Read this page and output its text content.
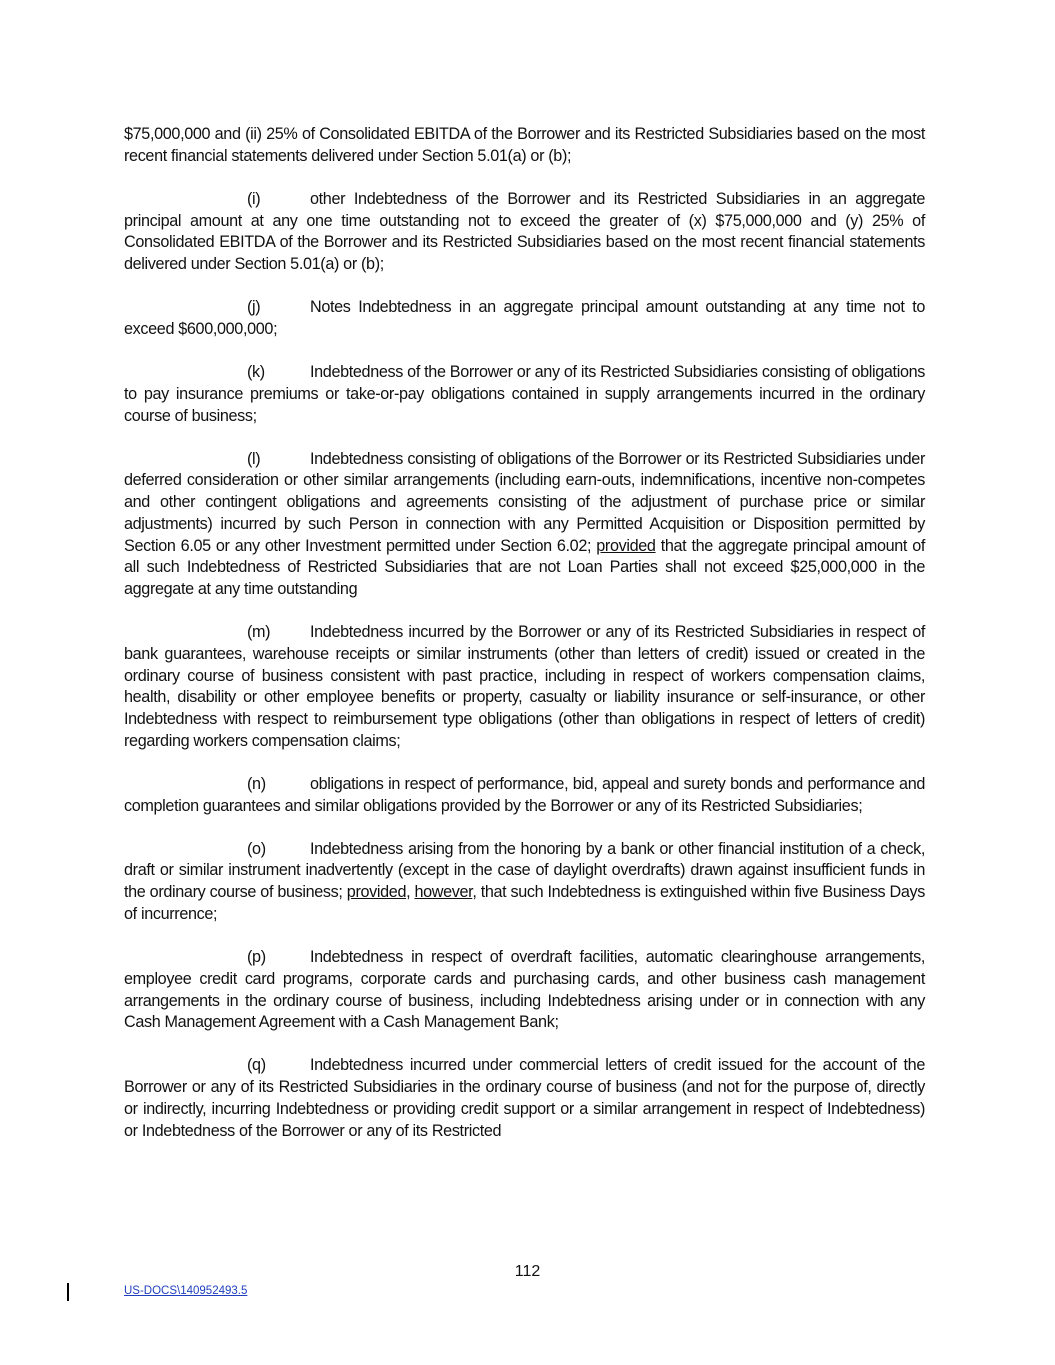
$75,000,000 and (ii) 25% of Consolidated EBITDA of the Borrower and its Restricted Subsidiaries based on the most recent financial statements delivered under Section 5.01(a) or (b);

(i)	other Indebtedness of the Borrower and its Restricted Subsidiaries in an aggregate principal amount at any one time outstanding not to exceed the greater of (x) $75,000,000 and (y) 25% of Consolidated EBITDA of the Borrower and its Restricted Subsidiaries based on the most recent financial statements delivered under Section 5.01(a) or (b);

(j)	Notes Indebtedness in an aggregate principal amount outstanding at any time not to exceed $600,000,000;

(k)	Indebtedness of the Borrower or any of its Restricted Subsidiaries consisting of obligations to pay insurance premiums or take-or-pay obligations contained in supply arrangements incurred in the ordinary course of business;

(l)	Indebtedness consisting of obligations of the Borrower or its Restricted Subsidiaries under deferred consideration or other similar arrangements (including earn-outs, indemnifications, incentive non-competes and other contingent obligations and agreements consisting of the adjustment of purchase price or similar adjustments) incurred by such Person in connection with any Permitted Acquisition or Disposition permitted by Section 6.05 or any other Investment permitted under Section 6.02; provided that the aggregate principal amount of all such Indebtedness of Restricted Subsidiaries that are not Loan Parties shall not exceed $25,000,000 in the aggregate at any time outstanding

(m) Indebtedness incurred by the Borrower or any of its Restricted Subsidiaries in respect of bank guarantees, warehouse receipts or similar instruments (other than letters of credit) issued or created in the ordinary course of business consistent with past practice, including in respect of workers compensation claims, health, disability or other employee benefits or property, casualty or liability insurance or self-insurance, or other Indebtedness with respect to reimbursement type obligations (other than obligations in respect of letters of credit) regarding workers compensation claims;

(n)	obligations in respect of performance, bid, appeal and surety bonds and performance and completion guarantees and similar obligations provided by the Borrower or any of its Restricted Subsidiaries;

(o)	Indebtedness arising from the honoring by a bank or other financial institution of a check, draft or similar instrument inadvertently (except in the case of daylight overdrafts) drawn against insufficient funds in the ordinary course of business; provided, however, that such Indebtedness is extinguished within five Business Days of incurrence;

(p)	Indebtedness in respect of overdraft facilities, automatic clearinghouse arrangements, employee credit card programs, corporate cards and purchasing cards, and other business cash management arrangements in the ordinary course of business, including Indebtedness arising under or in connection with any Cash Management Agreement with a Cash Management Bank;

(q)	Indebtedness incurred under commercial letters of credit issued for the account of the Borrower or any of its Restricted Subsidiaries in the ordinary course of business (and not for the purpose of, directly or indirectly, incurring Indebtedness or providing credit support or a similar arrangement in respect of Indebtedness) or Indebtedness of the Borrower or any of its Restricted

112
US-DOCS\140952493.5
